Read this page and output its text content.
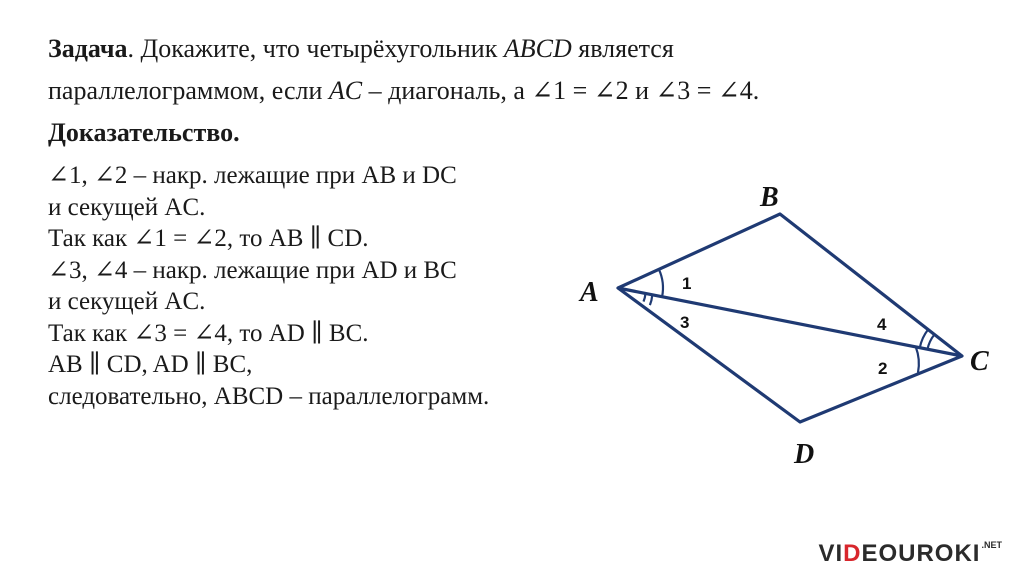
Задача. Докажите, что четырёхугольник ABCD является
параллелограммом, если AC – диагональ, а ∠1 = ∠2 и ∠3 = ∠4.
Доказательство.
∠1, ∠2 – накр. лежащие при AB и DC
и секущей AC.
Так как ∠1 = ∠2, то AB ∥ CD.
∠3, ∠4 – накр. лежащие при AD и BC
и секущей AC.
Так как ∠3 = ∠4, то AD ∥ BC.
AB ∥ CD, AD ∥ BC,
следовательно, ABCD – параллелограмм.
A
B
C
D
1
3	4
2
$VIDEOUROKI^{.NET}$
